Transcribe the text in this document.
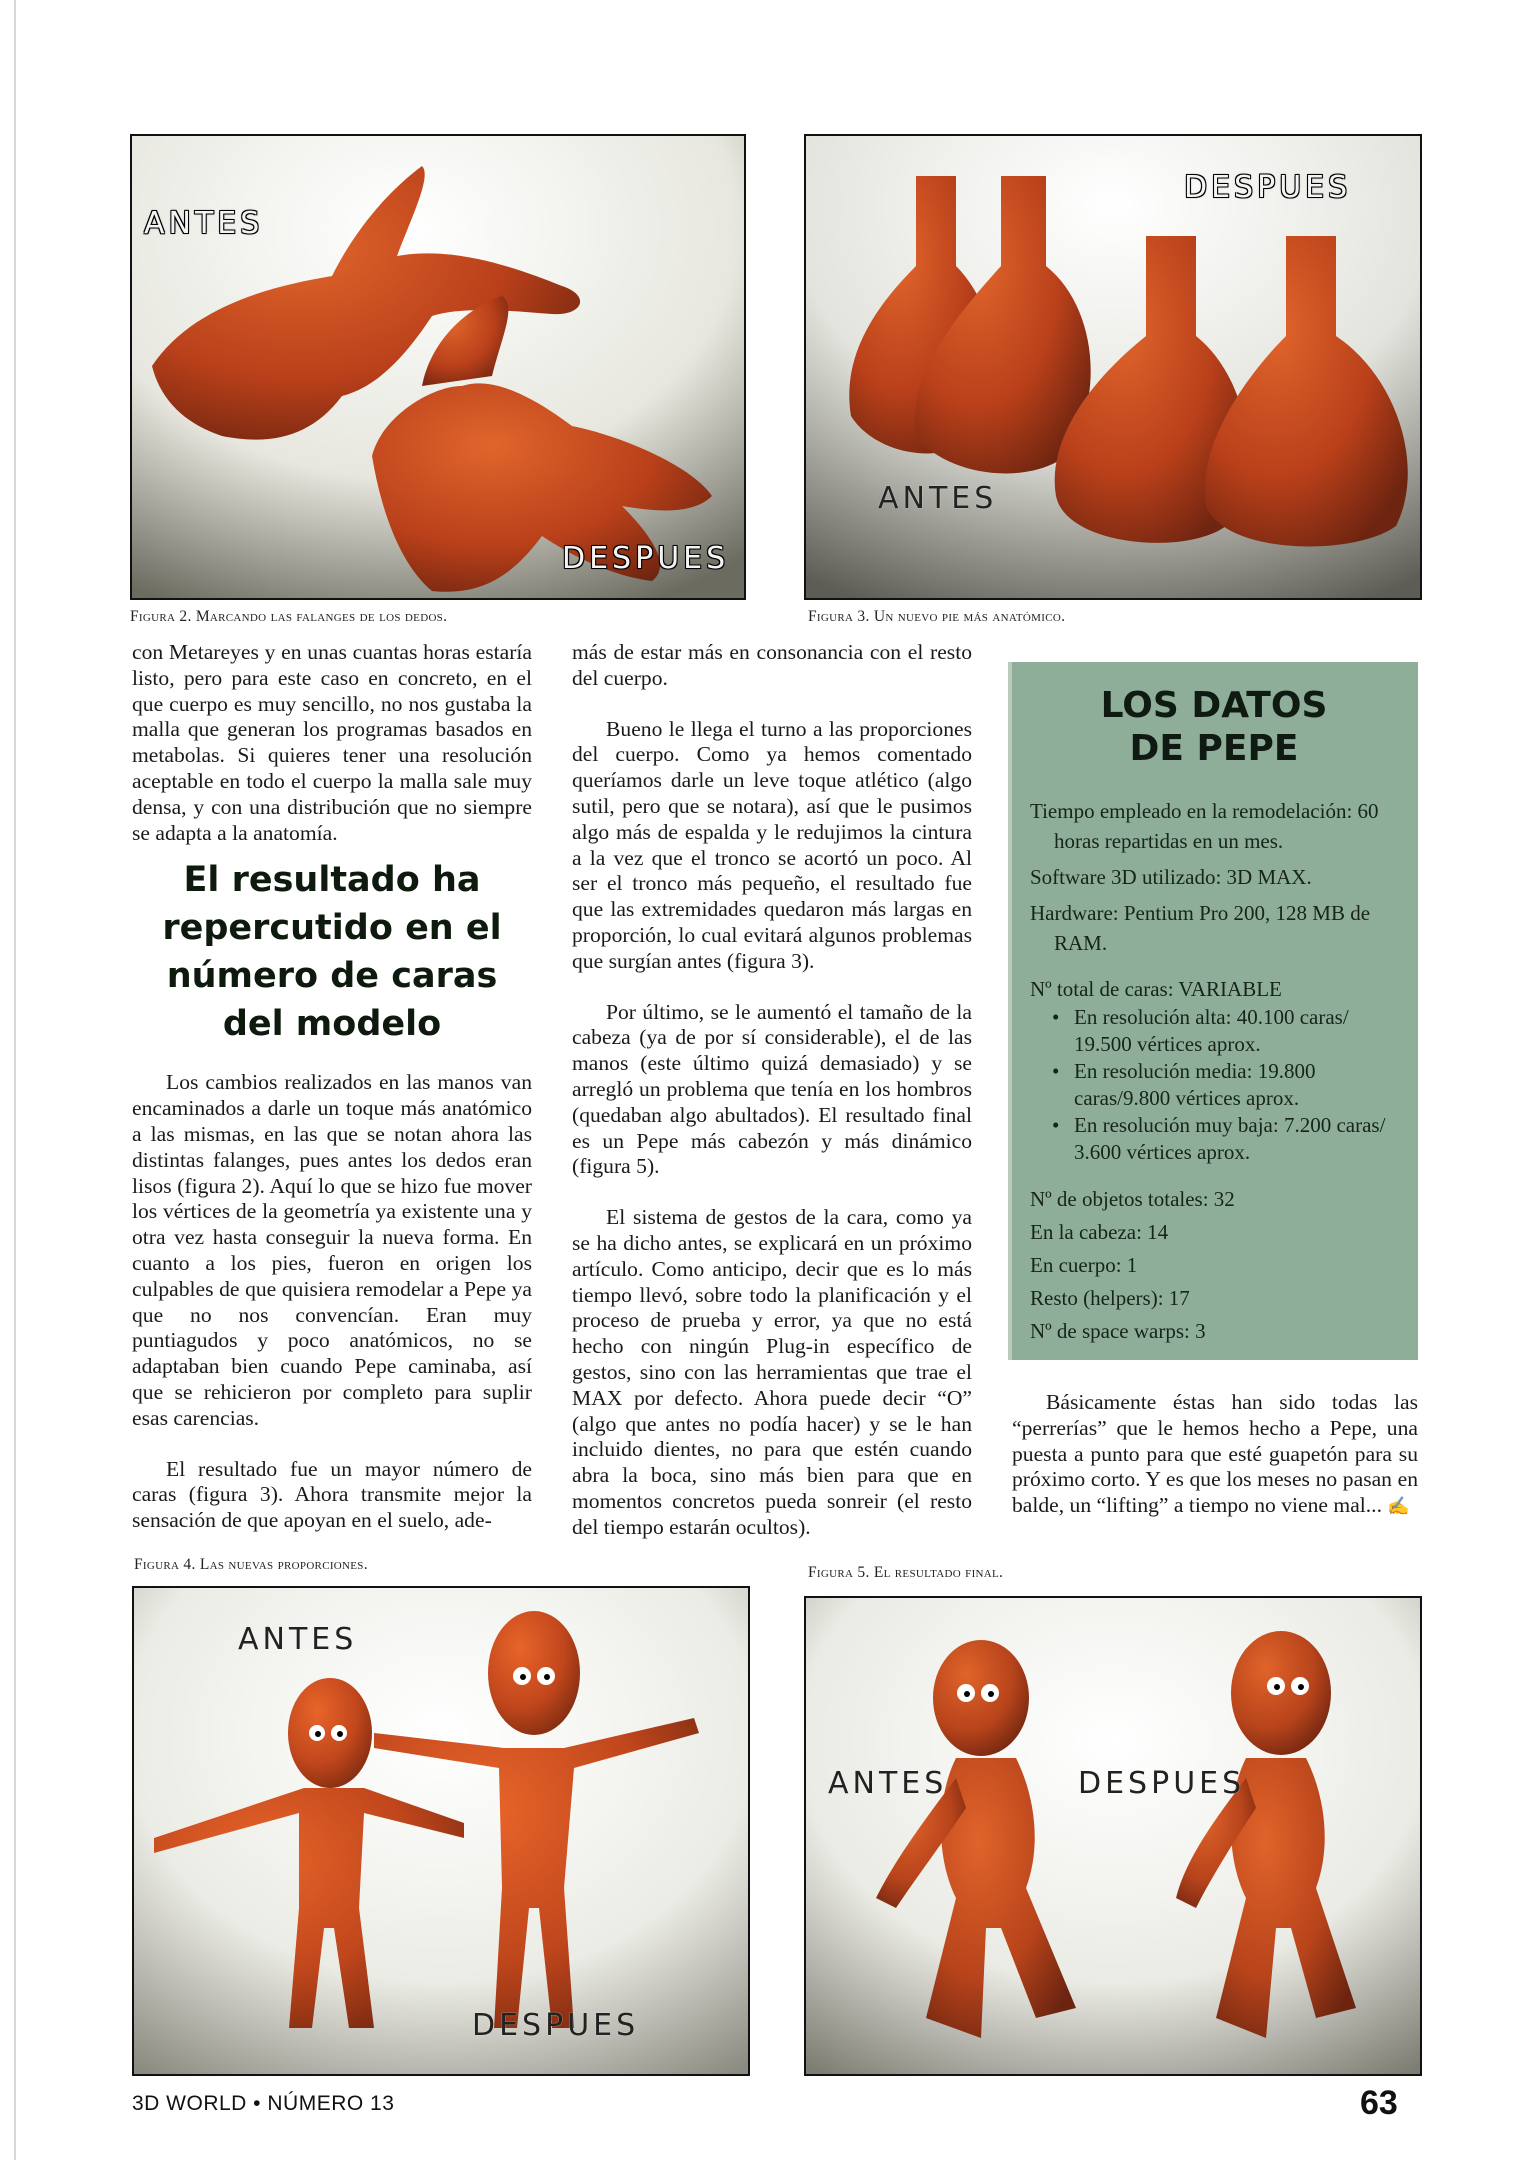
ANTES
DESPUES
Figura 2. Marcando las falanges de los dedos.
DESPUES
ANTES
Figura 3. Un nuevo pie más anatómico.

con Metareyes y en unas cuantas horas estaría listo, pero para este caso en concreto, en el que cuerpo es muy sencillo, no nos gustaba la malla que generan los programas basados en metabolas. Si quieres tener una resolución aceptable en todo el cuerpo la malla sale muy densa, y con una distribución que no siempre se adapta a la anatomía.

El resultado ha repercutido en el número de caras del modelo

Los cambios realizados en las manos van encaminados a darle un toque más anatómico a las mismas, en las que se notan ahora las distintas falanges, pues antes los dedos eran lisos (figura 2). Aquí lo que se hizo fue mover los vértices de la geometría ya existente una y otra vez hasta conseguir la nueva forma. En cuanto a los pies, fueron en origen los culpables de que quisiera remodelar a Pepe ya que no nos convencían. Eran muy puntiagudos y poco anatómicos, no se adaptaban bien cuando Pepe caminaba, así que se rehicieron por completo para suplir esas carencias.

El resultado fue un mayor número de caras (figura 3). Ahora transmite mejor la sensación de que apoyan en el suelo, ade-

más de estar más en consonancia con el resto del cuerpo.

Bueno le llega el turno a las proporciones del cuerpo. Como ya hemos comentado queríamos darle un leve toque atlético (algo sutil, pero que se notara), así que le pusimos algo más de espalda y le redujimos la cintura a la vez que el tronco se acortó un poco. Al ser el tronco más pequeño, el resultado fue que las extremidades quedaron más largas en proporción, lo cual evitará algunos problemas que surgían antes (figura 3).

Por último, se le aumentó el tamaño de la cabeza (ya de por sí considerable), el de las manos (este último quizá demasiado) y se arregló un problema que tenía en los hombros (quedaban algo abultados). El resultado final es un Pepe más cabezón y más dinámico (figura 5).

El sistema de gestos de la cara, como ya se ha dicho antes, se explicará en un próximo artículo. Como anticipo, decir que es lo más tiempo llevó, sobre todo la planificación y el proceso de prueba y error, ya que no está hecho con ningún Plug-in específico de gestos, sino con las herramientas que trae el MAX por defecto. Ahora puede decir “O” (algo que antes no podía hacer) y se le han incluido dientes, no para que estén cuando abra la boca, sino más bien para que en momentos concretos pueda sonreir (el resto del tiempo estarán ocultos).

LOS DATOS
DE PEPE
Tiempo empleado en la remodelación: 60 horas repartidas en un mes.
Software 3D utilizado: 3D MAX.
Hardware: Pentium Pro 200, 128 MB de RAM.
Nº total de caras: VARIABLE
• En resolución alta: 40.100 caras/ 19.500 vértices aprox.
• En resolución media: 19.800 caras/9.800 vértices aprox.
• En resolución muy baja: 7.200 caras/ 3.600 vértices aprox.
Nº de objetos totales: 32
En la cabeza: 14
En cuerpo: 1
Resto (helpers): 17
Nº de space warps: 3

Básicamente éstas han sido todas las “perrerías” que le hemos hecho a Pepe, una puesta a punto para que esté guapetón para su próximo corto. Y es que los meses no pasan en balde, un “lifting” a tiempo no viene mal... ✍

Figura 4. Las nuevas proporciones.
ANTES
DESPUES
Figura 5. El resultado final.
ANTES	DESPUES
3D WORLD • NÚMERO 13	63
